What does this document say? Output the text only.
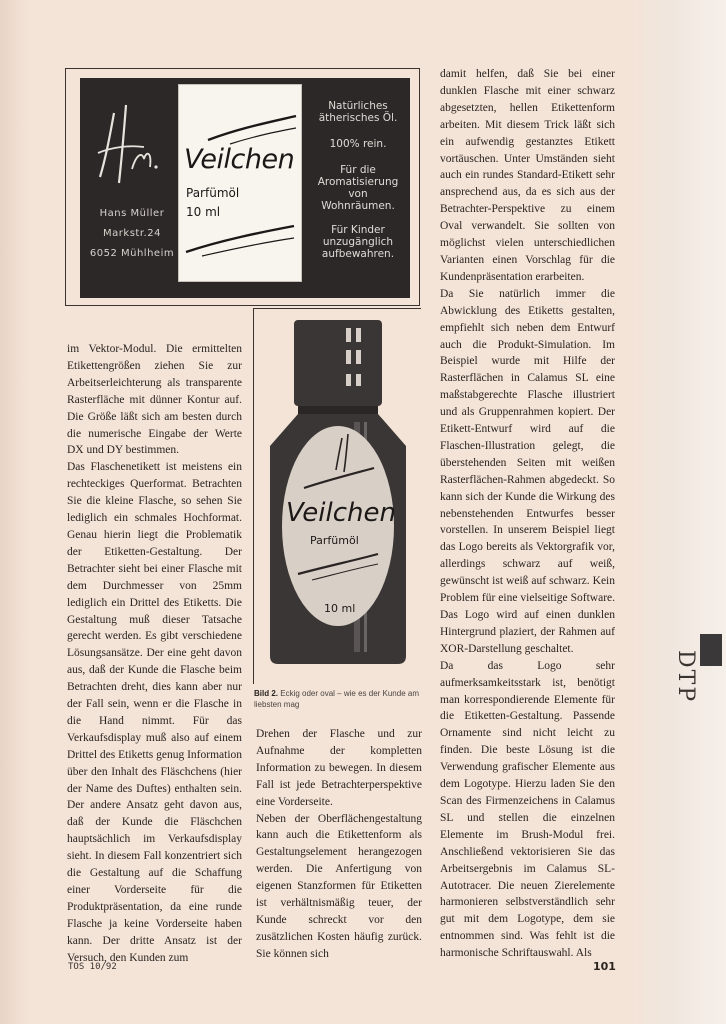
Hans Müller
Markstr.24
6052 Mühlheim
Veilchen
Parfümöl
10 ml
Natürliches
ätherisches Öl.
100% rein.
Für die
Aromatisierung
von
Wohnräumen.
Für Kinder
unzugänglich
aufbewahren.

im Vektor-Modul. Die ermittelten Etikettengrößen ziehen Sie zur Arbeitserleichterung als transparente Rasterfläche mit dünner Kontur auf. Die Größe läßt sich am besten durch die numerische Eingabe der Werte DX und DY bestimmen.

Das Flaschenetikett ist meistens ein rechteckiges Querformat. Betrachten Sie die kleine Flasche, so sehen Sie lediglich ein schmales Hochformat. Genau hierin liegt die Problematik der Etiketten-Gestaltung. Der Betrachter sieht bei einer Flasche mit dem Durchmesser von 25mm lediglich ein Drittel des Etiketts. Die Gestaltung muß dieser Tatsache gerecht werden. Es gibt verschiedene Lösungsansätze. Der eine geht davon aus, daß der Kunde die Flasche beim Betrachten dreht, dies kann aber nur der Fall sein, wenn er die Flasche in die Hand nimmt. Für das Verkaufsdisplay muß also auf einem Drittel des Etiketts genug Information über den Inhalt des Fläschchens (hier der Name des Duftes) enthalten sein. Der andere Ansatz geht davon aus, daß der Kunde die Fläschchen hauptsächlich im Verkaufsdisplay sieht. In diesem Fall konzentriert sich die Gestaltung auf die Schaffung einer Vorderseite für die Produktpräsentation, da eine runde Flasche ja keine Vorderseite haben kann. Der dritte Ansatz ist der Versuch, den Kunden zum

Veilchen
Parfümöl
10 ml
Bild 2. Eckig oder oval – wie es der Kunde am liebsten mag

Drehen der Flasche und zur Aufnahme der kompletten Information zu bewegen. In diesem Fall ist jede Betrachterperspektive eine Vorderseite.

Neben der Oberflächengestaltung kann auch die Etikettenform als Gestaltungselement herangezogen werden. Die Anfertigung von eigenen Stanzformen für Etiketten ist verhältnismäßig teuer, der Kunde schreckt vor den zusätzlichen Kosten häufig zurück. Sie können sich

damit helfen, daß Sie bei einer dunklen Flasche mit einer schwarz abgesetzten, hellen Etikettenform arbeiten. Mit diesem Trick läßt sich ein aufwendig gestanztes Etikett vortäuschen. Unter Umständen sieht auch ein rundes Standard-Etikett sehr ansprechend aus, da es sich aus der Betrachter-Perspektive zu einem Oval verwandelt. Sie sollten von möglichst vielen unterschiedlichen Varianten einen Vorschlag für die Kundenpräsentation erarbeiten.

Da Sie natürlich immer die Abwicklung des Etiketts gestalten, empfiehlt sich neben dem Entwurf auch die Produkt-Simulation. Im Beispiel wurde mit Hilfe der Rasterflächen in Calamus SL eine maßstabgerechte Flasche illustriert und als Gruppenrahmen kopiert. Der Etikett-Entwurf wird auf die Flaschen-Illustration gelegt, die überstehenden Seiten mit weißen Rasterflächen-Rahmen abgedeckt. So kann sich der Kunde die Wirkung des nebenstehenden Entwurfes besser vorstellen. In unserem Beispiel liegt das Logo bereits als Vektorgrafik vor, allerdings schwarz auf weiß, gewünscht ist weiß auf schwarz. Kein Problem für eine vielseitige Software. Das Logo wird auf einen dunklen Hintergrund plaziert, der Rahmen auf XOR-Darstellung geschaltet.

Da das Logo sehr aufmerksamkeitsstark ist, benötigt man korrespondierende Elemente für die Etiketten-Gestaltung. Passende Ornamente sind nicht leicht zu finden. Die beste Lösung ist die Verwendung grafischer Elemente aus dem Logotype. Hierzu laden Sie den Scan des Firmenzeichens in Calamus SL und stellen die einzelnen Elemente im Brush-Modul frei. Anschließend vektorisieren Sie das Arbeitsergebnis im Calamus SL-Autotracer. Die neuen Zierelemente harmonieren selbstverständlich sehr gut mit dem Logotype, dem sie entnommen sind. Was fehlt ist die harmonische Schriftauswahl. Als

DTP
TOS 10/92	101
